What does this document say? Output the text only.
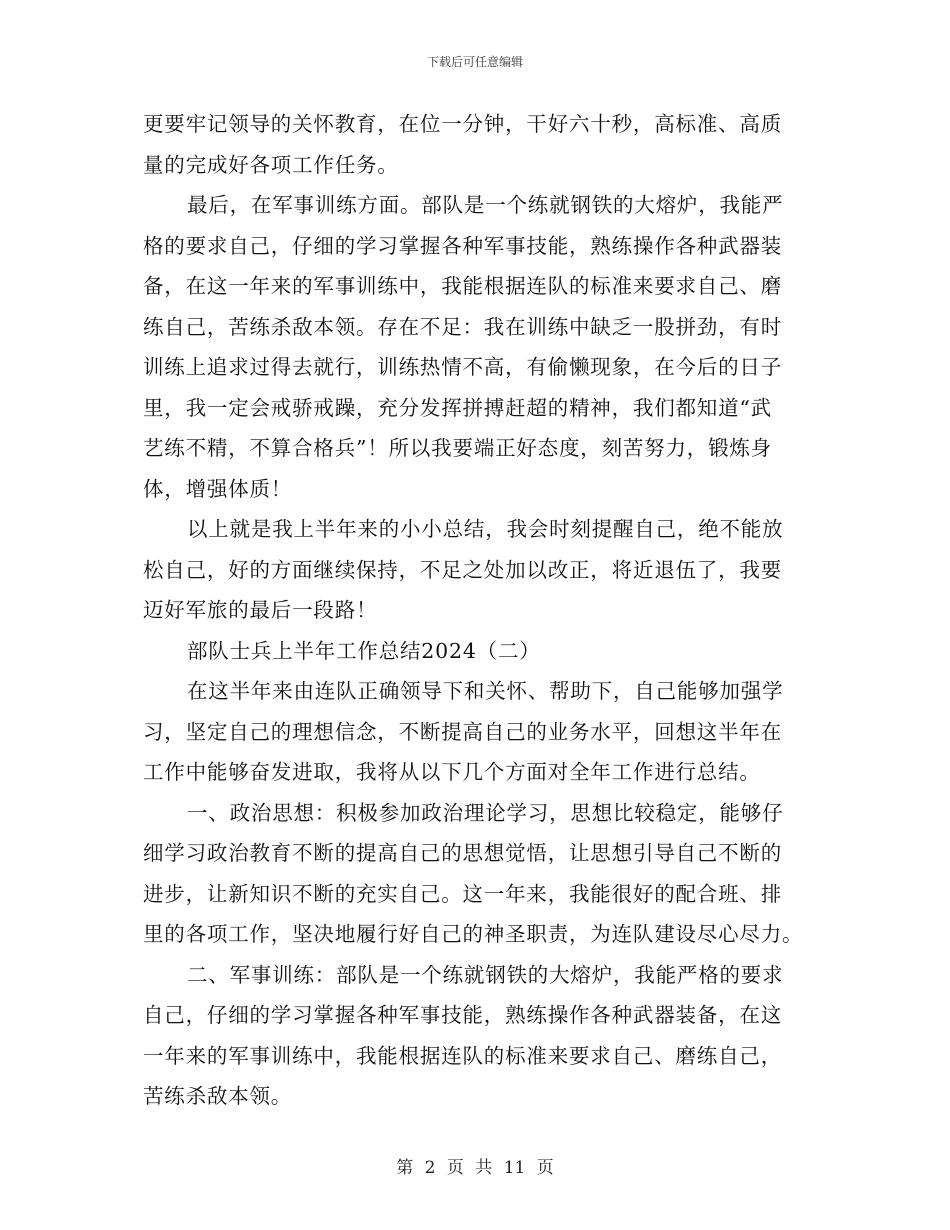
下载后可任意编辑
更要牢记领导的关怀教育，在位一分钟，干好六十秒，高标准、高质
量的完成好各项工作任务。
最后，在军事训练方面。部队是一个练就钢铁的大熔炉，我能严
格的要求自己，仔细的学习掌握各种军事技能，熟练操作各种武器装
备，在这一年来的军事训练中，我能根据连队的标准来要求自己、磨
练自己，苦练杀敌本领。存在不足：我在训练中缺乏一股拼劲，有时
训练上追求过得去就行，训练热情不高，有偷懒现象，在今后的日子
里，我一定会戒骄戒躁，充分发挥拼搏赶超的精神，我们都知道“武
艺练不精，不算合格兵”！所以我要端正好态度，刻苦努力，锻炼身
体，增强体质！
以上就是我上半年来的小小总结，我会时刻提醒自己，绝不能放
松自己，好的方面继续保持，不足之处加以改正，将近退伍了，我要
迈好军旅的最后一段路！
部队士兵上半年工作总结2024（二）
在这半年来由连队正确领导下和关怀、帮助下，自己能够加强学
习，坚定自己的理想信念，不断提高自己的业务水平，回想这半年在
工作中能够奋发进取，我将从以下几个方面对全年工作进行总结。
一、政治思想：积极参加政治理论学习，思想比较稳定，能够仔
细学习政治教育不断的提高自己的思想觉悟，让思想引导自己不断的
进步，让新知识不断的充实自己。这一年来，我能很好的配合班、排
里的各项工作，坚决地履行好自己的神圣职责，为连队建设尽心尽力。
二、军事训练：部队是一个练就钢铁的大熔炉，我能严格的要求
自己，仔细的学习掌握各种军事技能，熟练操作各种武器装备，在这
一年来的军事训练中，我能根据连队的标准来要求自己、磨练自己，
苦练杀敌本领。
第 2 页 共 11 页
